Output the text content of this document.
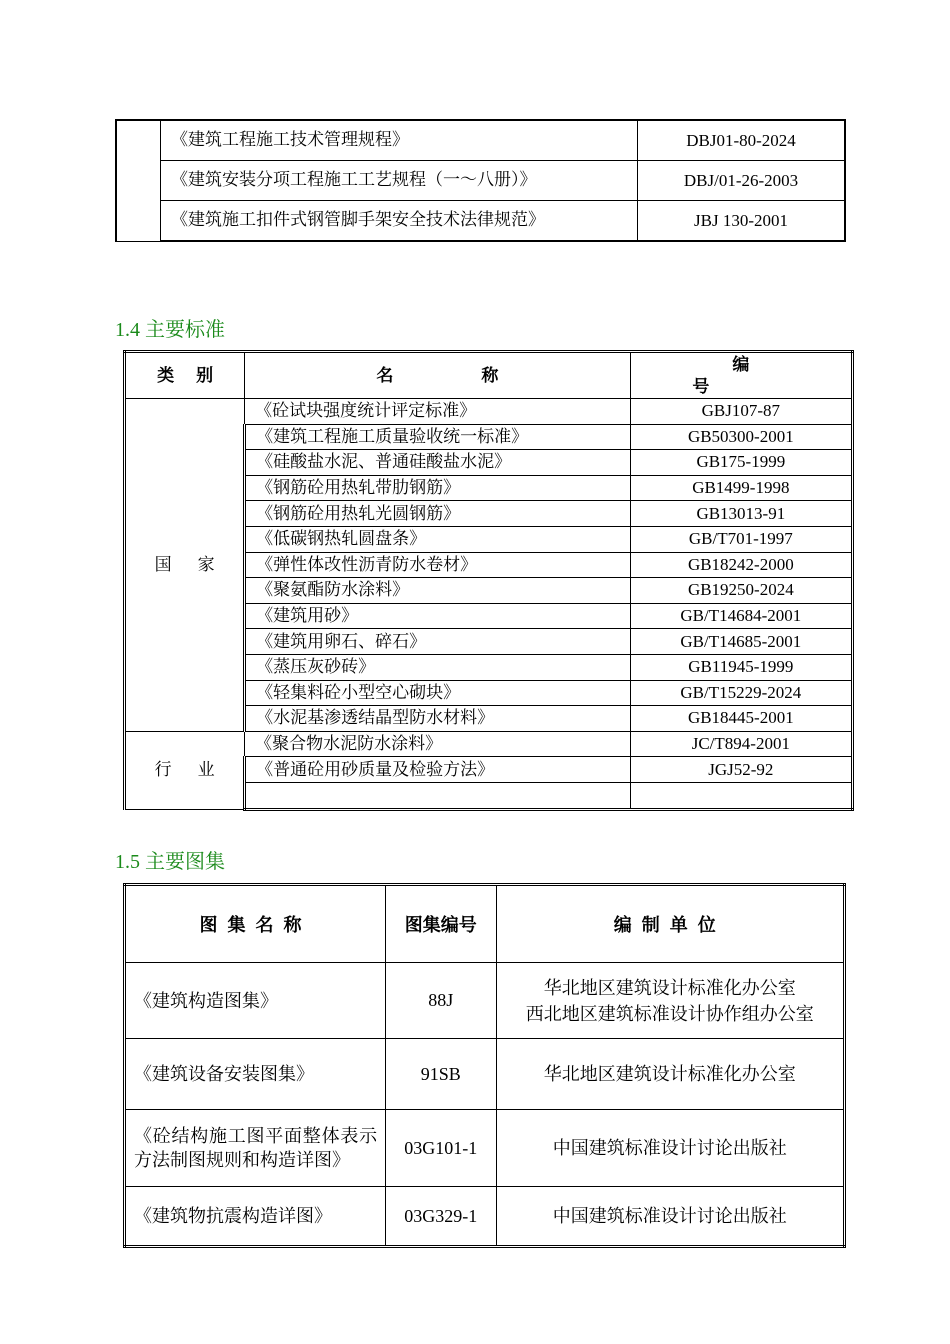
	《建筑工程施工技术管理规程》	DBJ01-80-2024
	《建筑安装分项工程施工工艺规程（一～八册）》	DBJ/01-26-2003
	《建筑施工扣件式钢管脚手架安全技术法律规范》	JBJ 130-2001
1.4 主要标准
类别	名称	编号
国家	《砼试块强度统计评定标准》	GBJ107-87
	《建筑工程施工质量验收统一标准》	GB50300-2001
	《硅酸盐水泥、普通硅酸盐水泥》	GB175-1999
	《钢筋砼用热轧带肋钢筋》	GB1499-1998
	《钢筋砼用热轧光圆钢筋》	GB13013-91
	《低碳钢热轧圆盘条》	GB/T701-1997
	《弹性体改性沥青防水卷材》	GB18242-2000
	《聚氨酯防水涂料》	GB19250-2024
	《建筑用砂》	GB/T14684-2001
	《建筑用卵石、碎石》	GB/T14685-2001
	《蒸压灰砂砖》	GB11945-1999
	《轻集料砼小型空心砌块》	GB/T15229-2024
	《水泥基渗透结晶型防水材料》	GB18445-2001
行业	《聚合物水泥防水涂料》	JC/T894-2001
	《普通砼用砂质量及检验方法》	JGJ52-92

1.5 主要图集
图集名称	图集编号	编制单位
《建筑构造图集》	88J	华北地区建筑设计标准化办公室
西北地区建筑标准设计协作组办公室

《建筑设备安装图集》	91SB	华北地区建筑设计标准化办公室

《砼结构施工图平面整体表示方法制图规则和构造详图》	03G101-1	中国建筑标准设计讨论出版社

《建筑物抗震构造详图》	03G329-1	中国建筑标准设计讨论出版社
